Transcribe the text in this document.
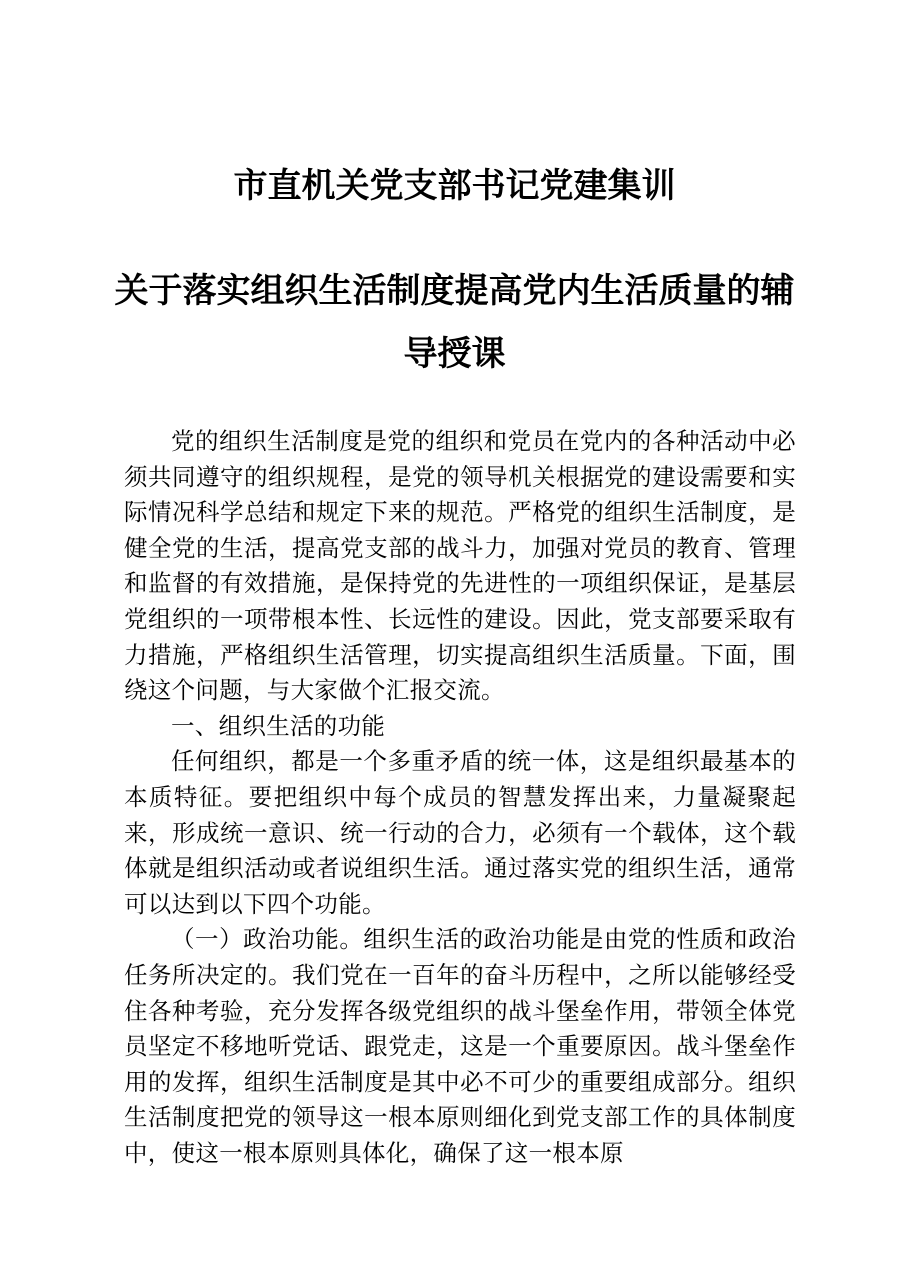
市直机关党支部书记党建集训
关于落实组织生活制度提高党内生活质量的辅
导授课

党的组织生活制度是党的组织和党员在党内的各种活动中必须共同遵守的组织规程，是党的领导机关根据党的建设需要和实际情况科学总结和规定下来的规范。严格党的组织生活制度，是健全党的生活，提高党支部的战斗力，加强对党员的教育、管理和监督的有效措施，是保持党的先进性的一项组织保证，是基层党组织的一项带根本性、长远性的建设。因此，党支部要采取有力措施，严格组织生活管理，切实提高组织生活质量。下面，围绕这个问题，与大家做个汇报交流。

一、组织生活的功能

任何组织，都是一个多重矛盾的统一体，这是组织最基本的本质特征。要把组织中每个成员的智慧发挥出来，力量凝聚起来，形成统一意识、统一行动的合力，必须有一个载体，这个载体就是组织活动或者说组织生活。通过落实党的组织生活，通常可以达到以下四个功能。

（一）政治功能。组织生活的政治功能是由党的性质和政治任务所决定的。我们党在一百年的奋斗历程中，之所以能够经受住各种考验，充分发挥各级党组织的战斗堡垒作用，带领全体党员坚定不移地听党话、跟党走，这是一个重要原因。战斗堡垒作用的发挥，组织生活制度是其中必不可少的重要组成部分。组织生活制度把党的领导这一根本原则细化到党支部工作的具体制度中，使这一根本原则具体化，确保了这一根本原
